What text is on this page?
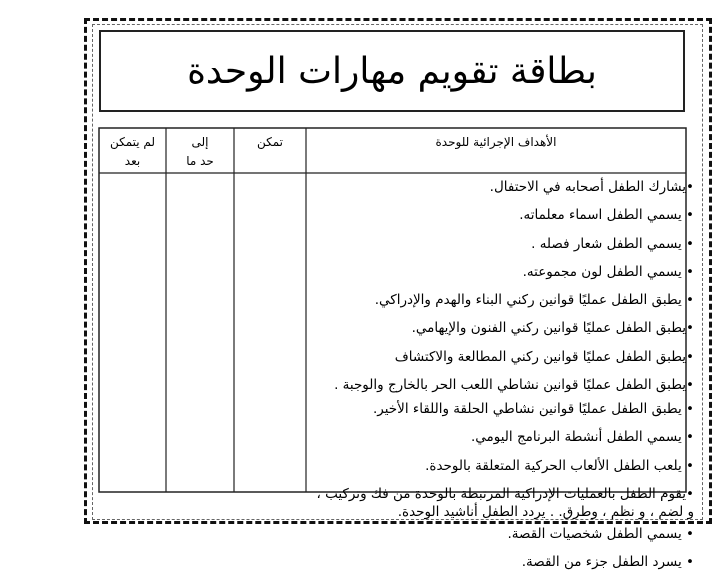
بطاقة تقويم مهارات الوحدة
الأهداف الإجرائية للوحدة
تمكن
إلى
حد ما
لم يتمكن
بعد
•يشارك الطفل أصحابه في الاحتفال.
• يسمي الطفل اسماء معلماته.
• يسمي الطفل شعار فصله .
• يسمي الطفل لون مجموعته.
• يطبق الطفل عمليًا قوانين ركني البناء والهدم والإدراكي.
•يطبق الطفل عمليًا قوانين ركني الفنون والإيهامي.
•يطبق الطفل عمليًا قوانين ركني المطالعة والاكتشاف
•يطبق الطفل عمليًا قوانين نشاطي اللعب الحر بالخارج والوجبة .
• يطبق الطفل عمليًا قوانين نشاطي الحلقة واللقاء الأخير.
• يسمي الطفل أنشطة البرنامج اليومي.
• يلعب الطفل الألعاب الحركية المتعلقة بالوحدة.
•يقوم الطفل بالعمليات الإدراكية المرتبطة بالوحدة من فك وتركيب ، و لضم ، و نظم ، وطرق. . يردد الطفل أناشيد الوحدة.
• يسمي الطفل شخصيات القصة.
• يسرد الطفل جزء من القصة.
